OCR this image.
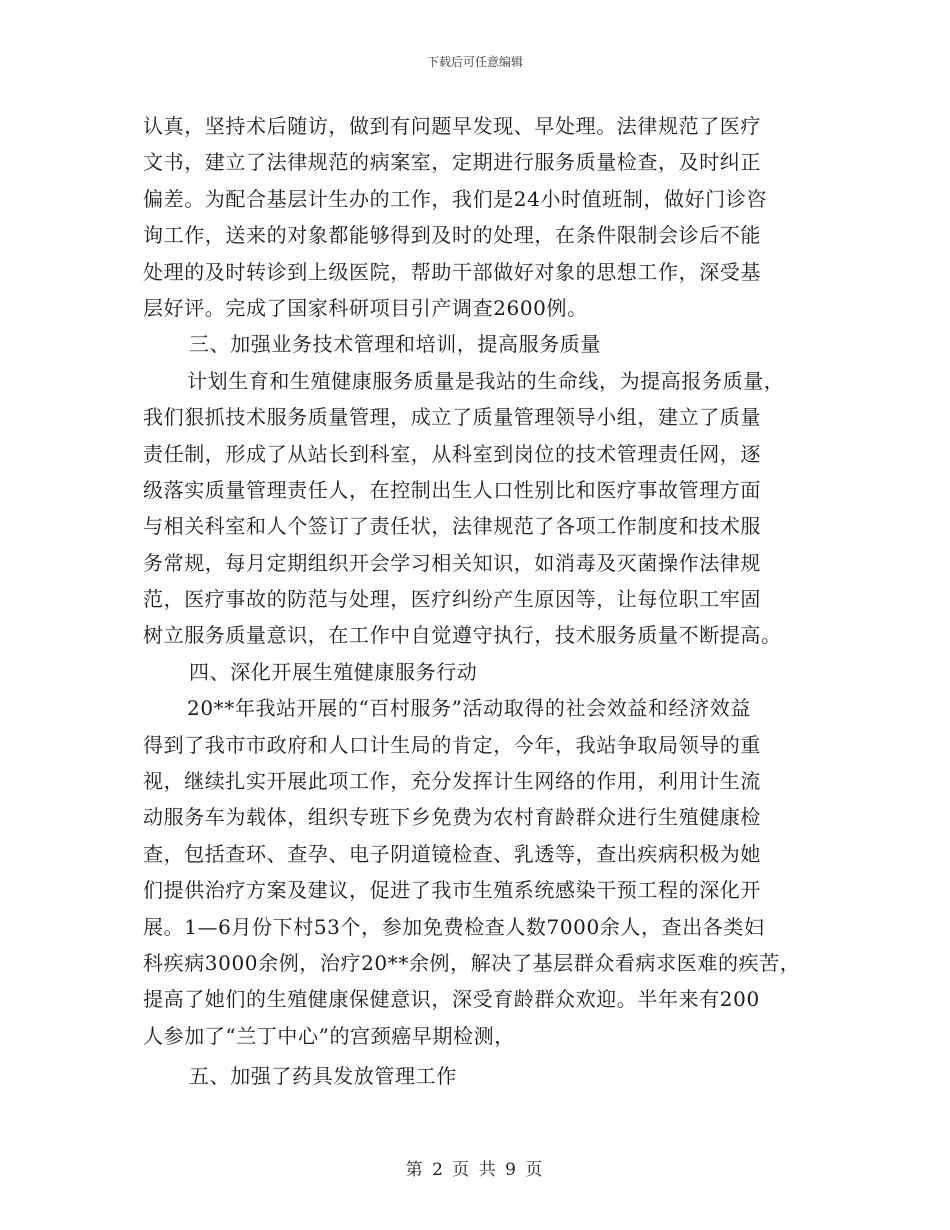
下载后可任意编辑
认真，坚持术后随访，做到有问题早发现、早处理。法律规范了医疗
文书，建立了法律规范的病案室，定期进行服务质量检查，及时纠正
偏差。为配合基层计生办的工作，我们是24小时值班制，做好门诊咨
询工作，送来的对象都能够得到及时的处理，在条件限制会诊后不能
处理的及时转诊到上级医院，帮助干部做好对象的思想工作，深受基
层好评。完成了国家科研项目引产调查2600例。
三、加强业务技术管理和培训，提高服务质量
计划生育和生殖健康服务质量是我站的生命线，为提高报务质量，
我们狠抓技术服务质量管理，成立了质量管理领导小组，建立了质量
责任制，形成了从站长到科室，从科室到岗位的技术管理责任网，逐
级落实质量管理责任人，在控制出生人口性别比和医疗事故管理方面
与相关科室和人个签订了责任状，法律规范了各项工作制度和技术服
务常规，每月定期组织开会学习相关知识，如消毒及灭菌操作法律规
范，医疗事故的防范与处理，医疗纠纷产生原因等，让每位职工牢固
树立服务质量意识，在工作中自觉遵守执行，技术服务质量不断提高。
四、深化开展生殖健康服务行动
20**年我站开展的“百村服务”活动取得的社会效益和经济效益
得到了我市市政府和人口计生局的肯定，今年，我站争取局领导的重
视，继续扎实开展此项工作，充分发挥计生网络的作用，利用计生流
动服务车为载体，组织专班下乡免费为农村育龄群众进行生殖健康检
查，包括查环、查孕、电子阴道镜检查、乳透等，查出疾病积极为她
们提供治疗方案及建议，促进了我市生殖系统感染干预工程的深化开
展。1—6月份下村53个，参加免费检查人数7000余人，查出各类妇
科疾病3000余例，治疗20**余例，解决了基层群众看病求医难的疾苦，
提高了她们的生殖健康保健意识，深受育龄群众欢迎。半年来有200
人参加了“兰丁中心”的宫颈癌早期检测，
五、加强了药具发放管理工作
第 2 页 共 9 页
